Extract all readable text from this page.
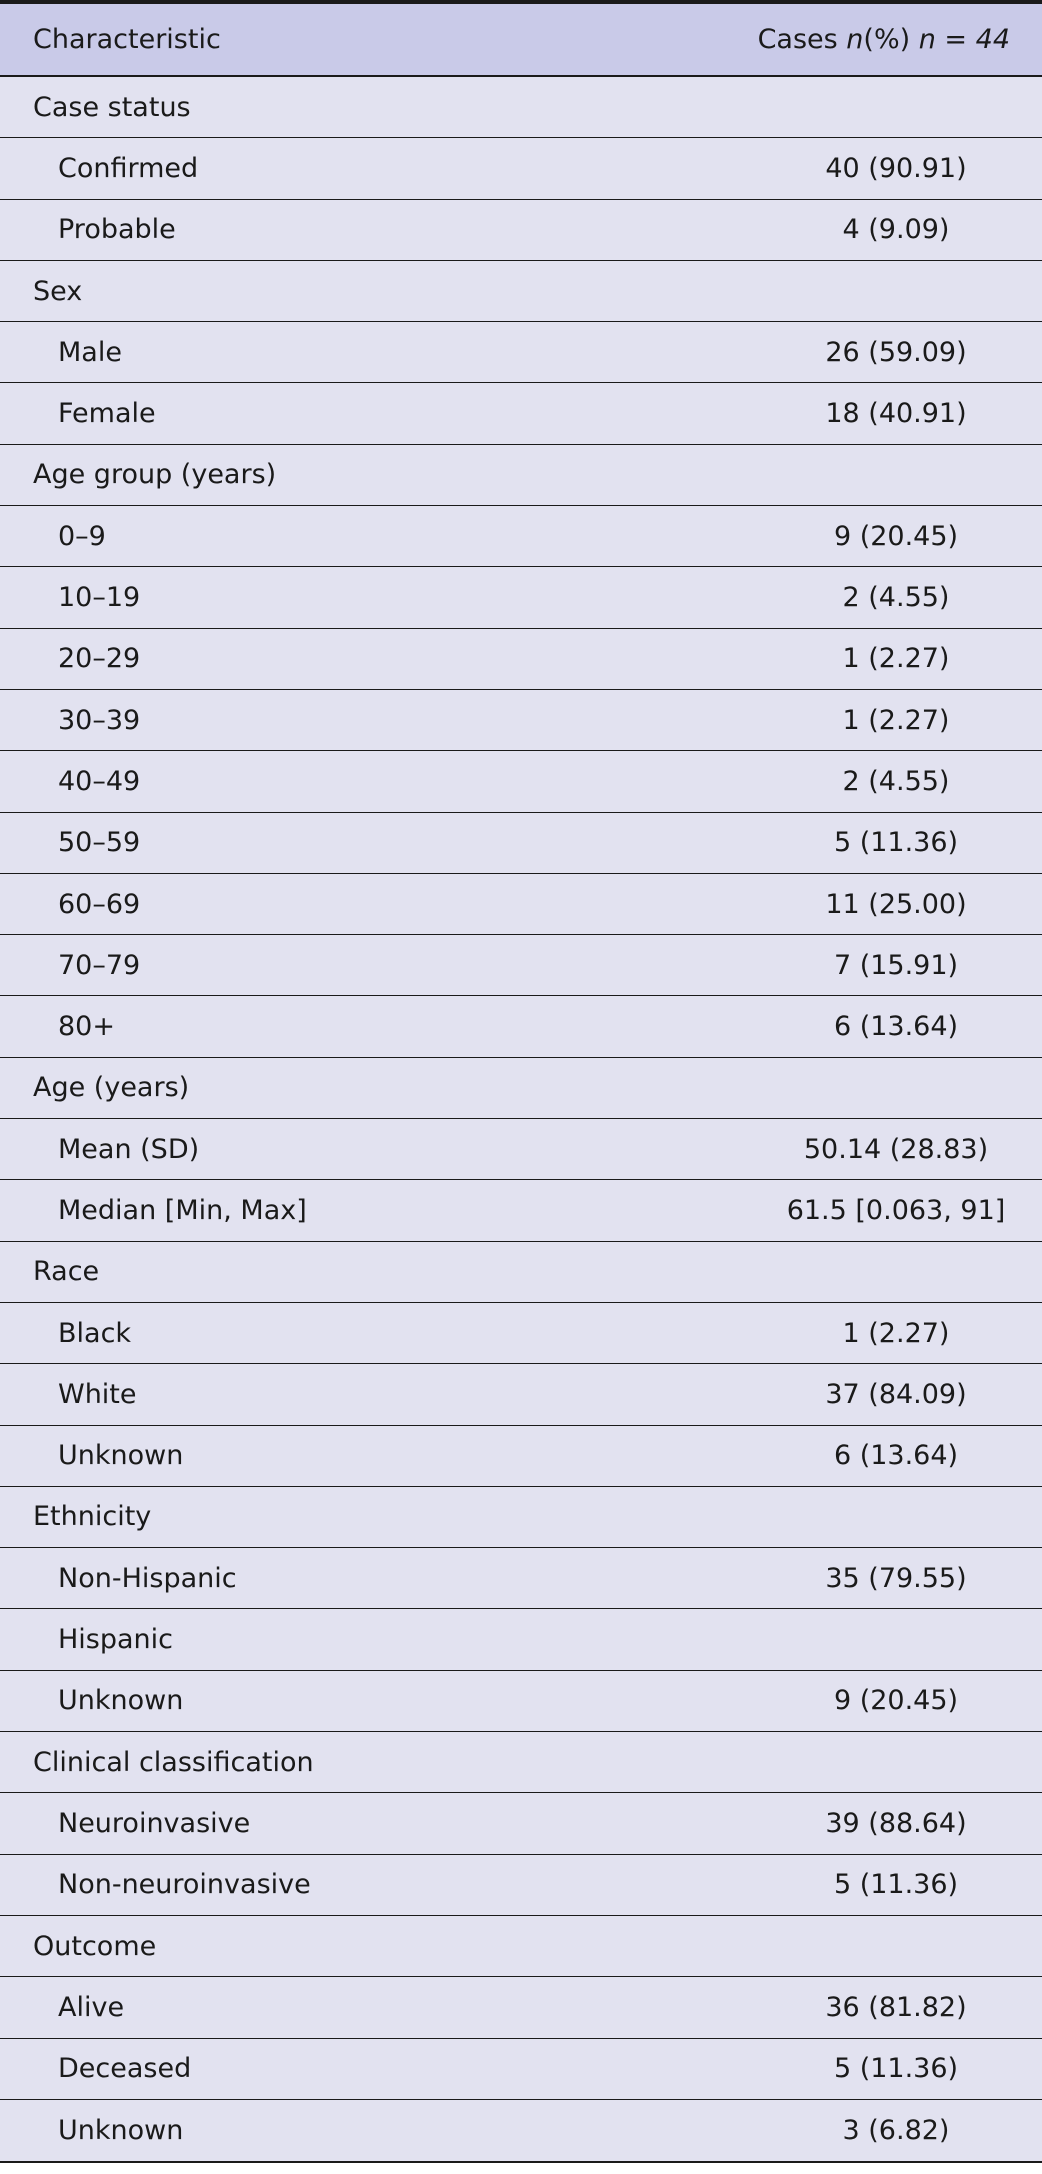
Characteristic	Cases n(%) n = 44
Case status
Confirmed	40 (90.91)
Probable	4 (9.09)
Sex
Male	26 (59.09)
Female	18 (40.91)
Age group (years)
0–9	9 (20.45)
10–19	2 (4.55)
20–29	1 (2.27)
30–39	1 (2.27)
40–49	2 (4.55)
50–59	5 (11.36)
60–69	11 (25.00)
70–79	7 (15.91)
80+	6 (13.64)
Age (years)
Mean (SD)	50.14 (28.83)
Median [Min, Max]	61.5 [0.063, 91]
Race
Black	1 (2.27)
White	37 (84.09)
Unknown	6 (13.64)
Ethnicity
Non-Hispanic	35 (79.55)
Hispanic
Unknown	9 (20.45)
Clinical classification
Neuroinvasive	39 (88.64)
Non-neuroinvasive	5 (11.36)
Outcome
Alive	36 (81.82)
Deceased	5 (11.36)
Unknown	3 (6.82)
